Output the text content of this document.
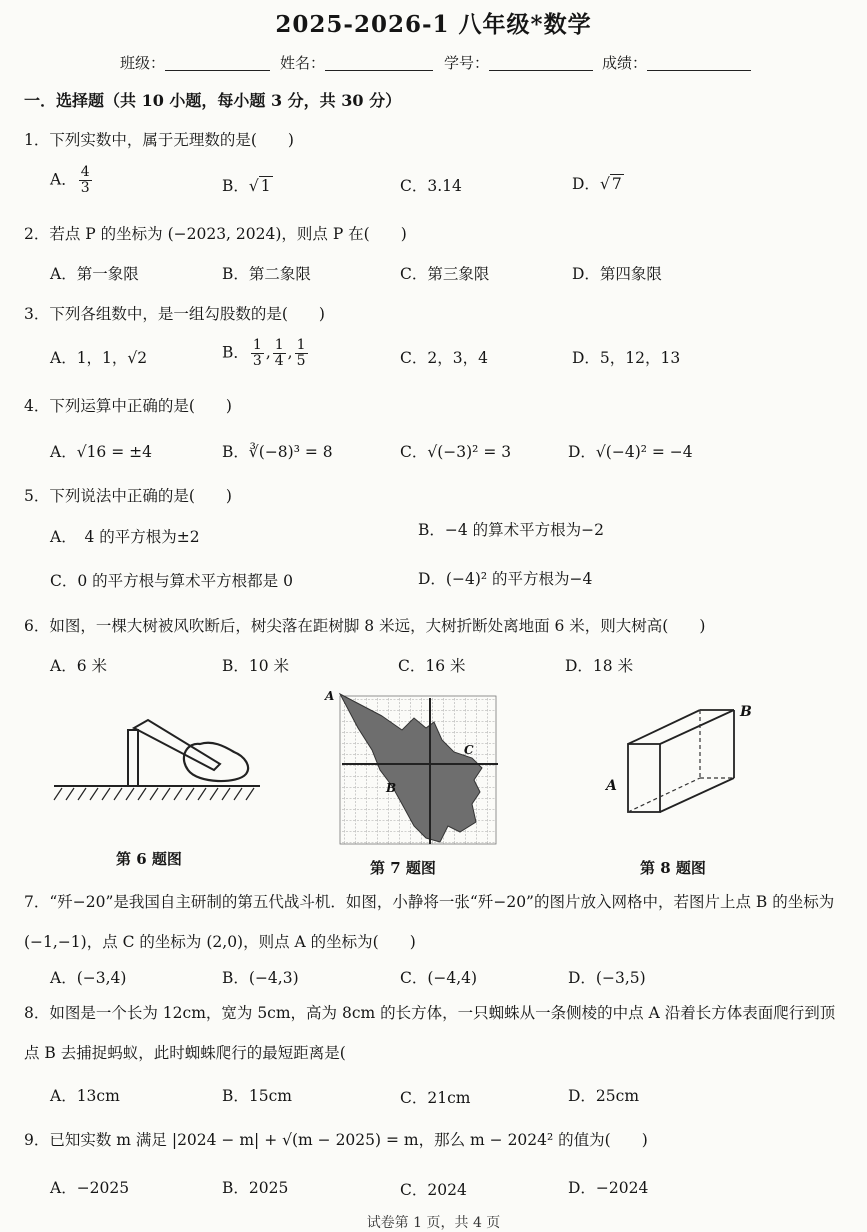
2025-2026-1 八年级*数学
班级：	姓名：	学号：	成绩：
一．选择题（共 10 小题，每小题 3 分，共 30 分）
1．下列实数中，属于无理数的是(　　)
A． $\frac{4}{3}$	B．√ 1	C．3.14	D．√ 7
2．若点 P 的坐标为 (−2023, 2024)，则点 P 在(　　)
A．第一象限	B．第二象限	C．第三象限	D．第四象限
3．下列各组数中，是一组勾股数的是(　　)
A．1，1，√2	B． $\frac{1}{3}$ , $\frac{1}{4}$ , $\frac{1}{5}$	C．2，3，4	D．5，12，13
4．下列运算中正确的是(　　)
A．√16 = ±4	B．∛(−8)³ = 8	C．√(−3)² = 3	D．√(−4)² = −4
5．下列说法中正确的是(　　)
A．　4 的平方根为±2	B．−4 的算术平方根为−2
C．0 的平方根与算术平方根都是 0	D．(−4)² 的平方根为−4
6．如图，一棵大树被风吹断后，树尖落在距树脚 8 米远，大树折断处离地面 6 米，则大树高(　　)
A．6 米	B．10 米	C．16 米	D．18 米
第 6 题图
A
B
C
第 7 题图
A
B
第 8 题图
7．“歼−20”是我国自主研制的第五代战斗机．如图，小静将一张“歼−20”的图片放入网格中，若图片上点 B 的坐标为 (−1,−1)，点 C 的坐标为 (2,0)，则点 A 的坐标为(　　)
A．(−3,4)	B．(−4,3)	C．(−4,4)	D．(−3,5)
8．如图是一个长为 12cm，宽为 5cm，高为 8cm 的长方体，一只蜘蛛从一条侧棱的中点 A 沿着长方体表面爬行到顶点 B 去捕捉蚂蚁，此时蜘蛛爬行的最短距离是(
A．13cm	B．15cm	C．21cm	D．25cm
9．已知实数 m 满足 |2024 − m| + √(m − 2025) = m，那么 m − 2024² 的值为(　　)
A．−2025	B．2025	C．2024	D．−2024
试卷第 1 页，共 4 页
